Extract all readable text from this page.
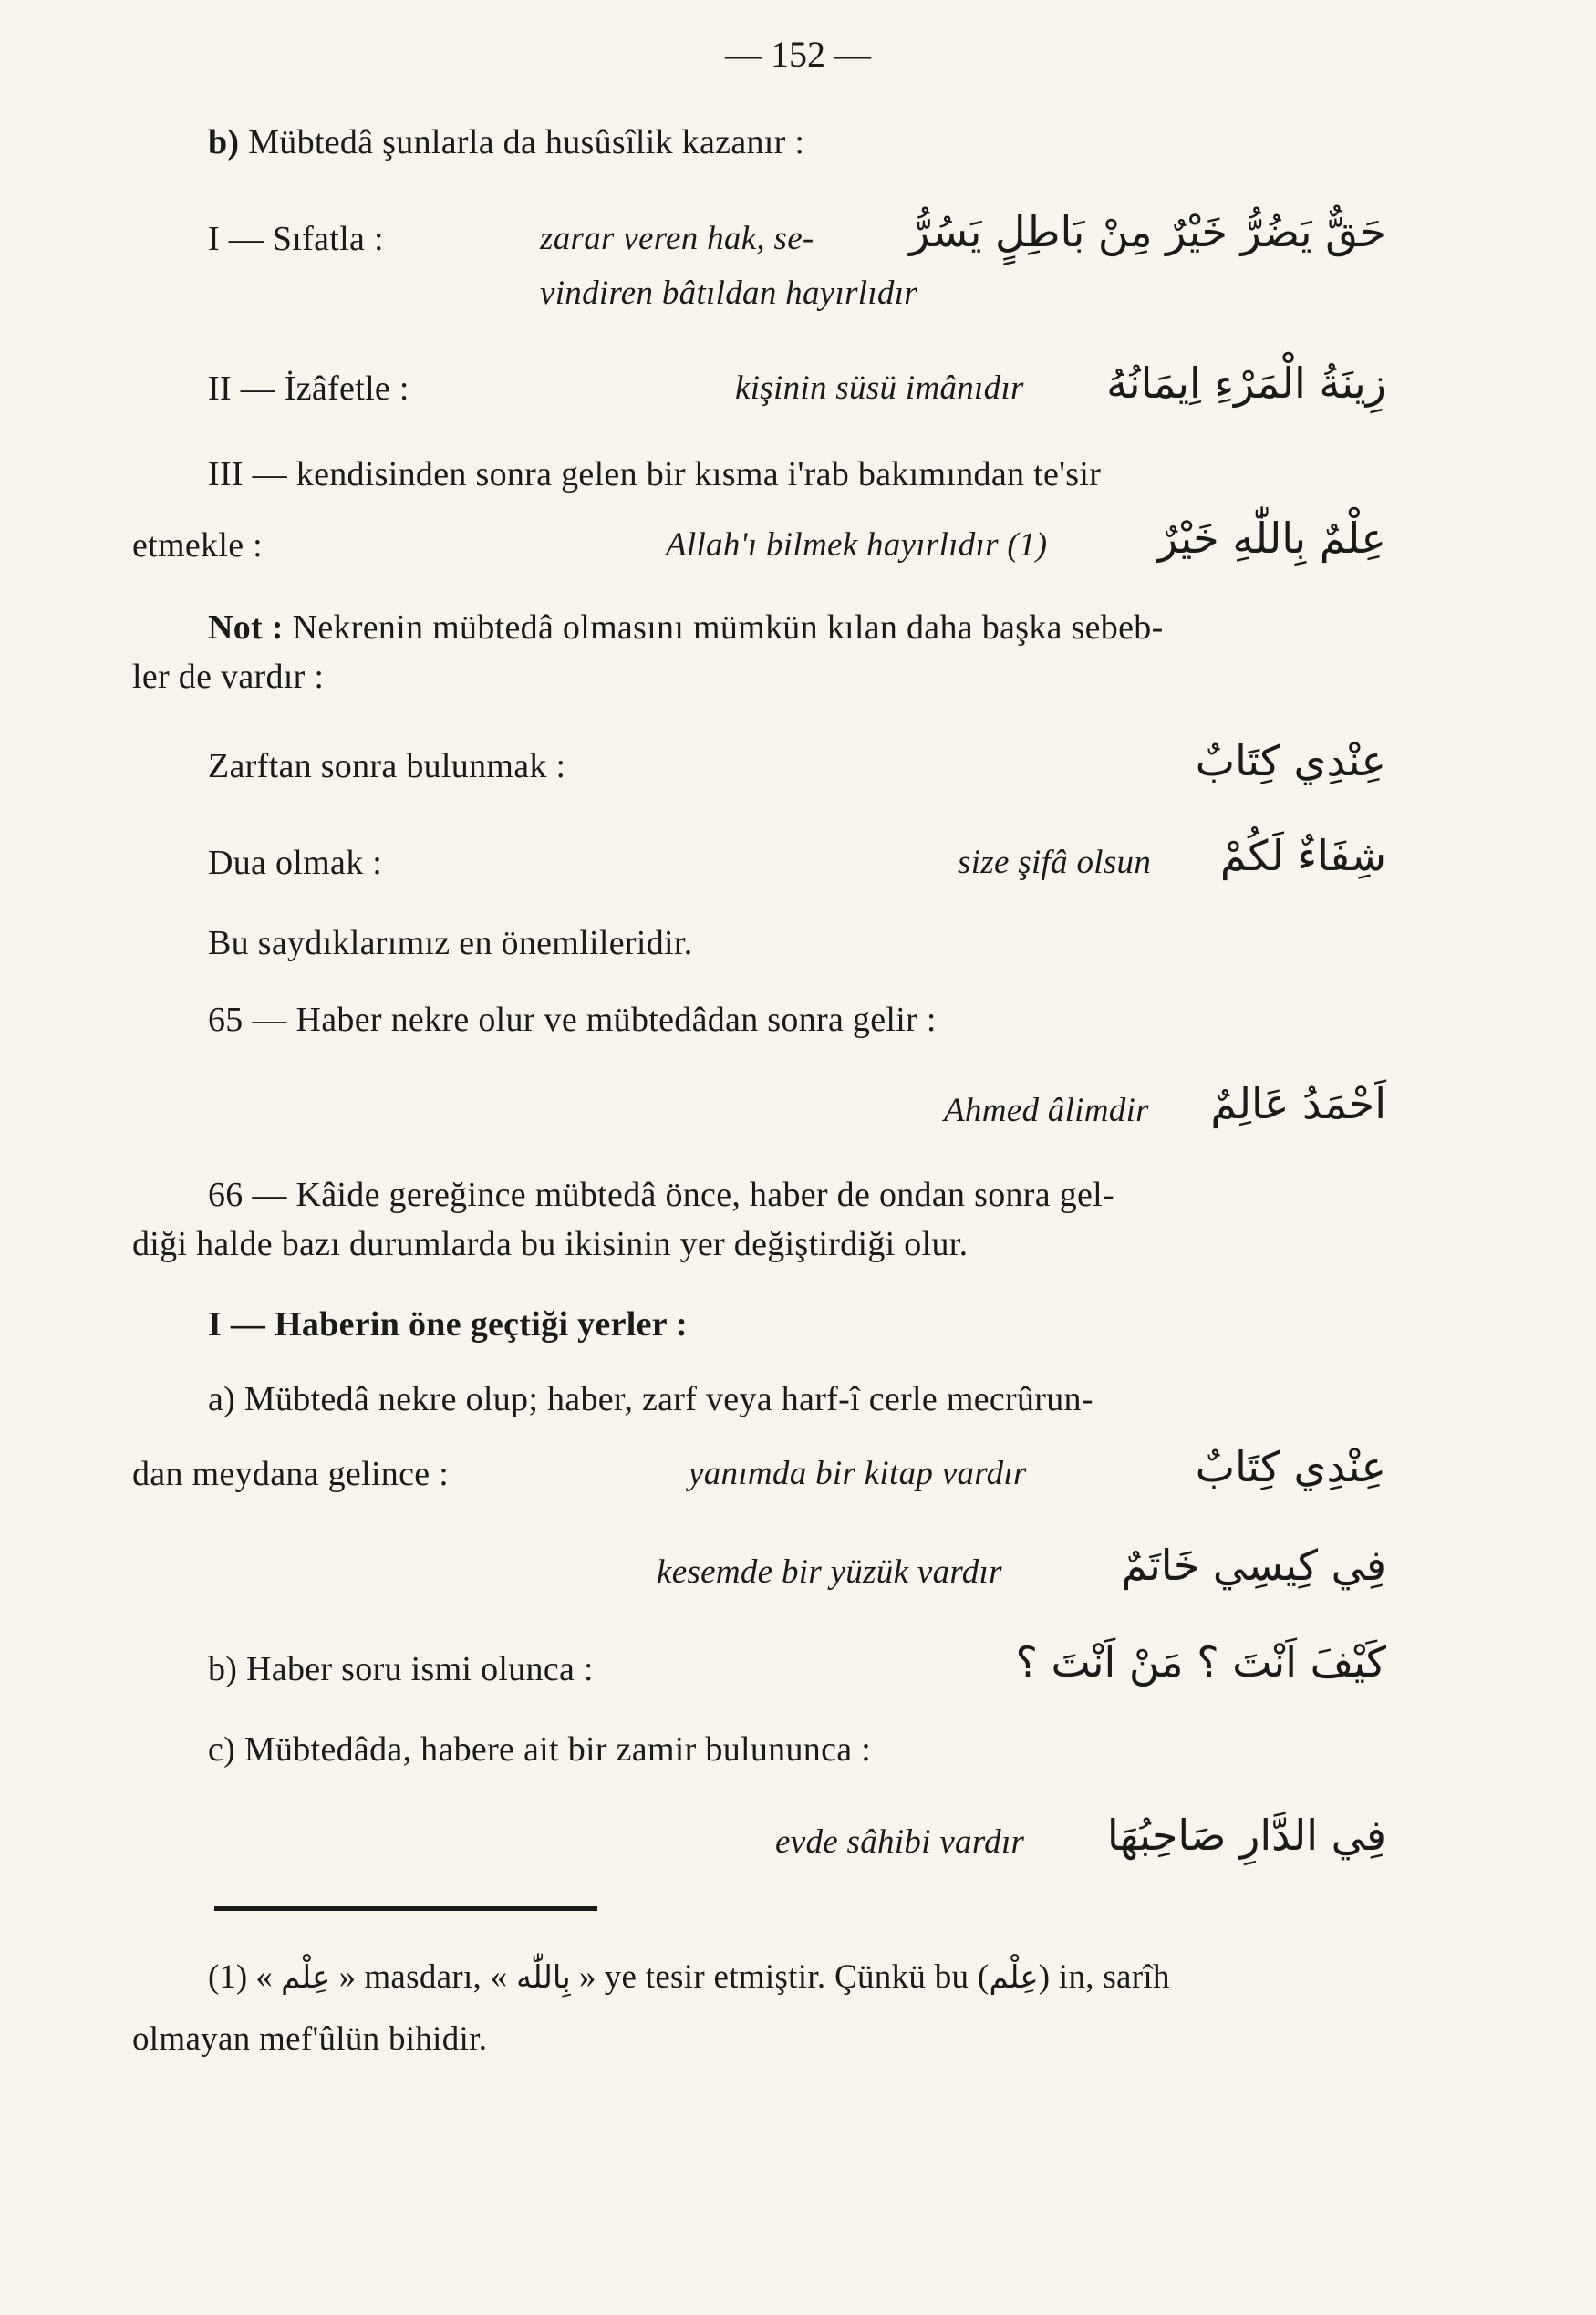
— 152 —
b) Mübtedâ şunlarla da husûsîlik kazanır :
I — Sıfatla :	zarar veren hak, se-
vindiren bâtıldan hayırlıdır
حَقٌّ يَضُرُّ خَيْرٌ مِنْ بَاطِلٍ يَسُرُّ
II — İzâfetle :	kişinin süsü imânıdır زِينَةُ الْمَرْءِ اِيمَانُهُ
III — kendisinden sonra gelen bir kısma i'rab bakımından te'sir
etmekle :	Allah'ı bilmek hayırlıdır (1)	عِلْمٌ بِاللّٰهِ خَيْرٌ
Not : Nekrenin mübtedâ olmasını mümkün kılan daha başka sebeb-
ler de vardır :
Zarftan sonra bulunmak :	عِنْدِي كِتَابٌ
Dua olmak :	size şifâ olsun شِفَاءٌ لَكُمْ
Bu saydıklarımız en önemlileridir.
65 — Haber nekre olur ve mübtedâdan sonra gelir :
Ahmed âlimdir اَحْمَدُ عَالِمٌ
66 — Kâide gereğince mübtedâ önce, haber de ondan sonra gel-
diği halde bazı durumlarda bu ikisinin yer değiştirdiği olur.
I — Haberin öne geçtiği yerler :
a) Mübtedâ nekre olup; haber, zarf veya harf-î cerle mecrûrun-
dan meydana gelince :	yanımda bir kitap vardır	عِنْدِي كِتَابٌ
kesemde bir yüzük vardır	فِي كِيسِي خَاتَمٌ
b) Haber soru ismi olunca :	كَيْفَ اَنْتَ ؟ مَنْ اَنْتَ ؟
c) Mübtedâda, habere ait bir zamir bulununca :
evde sâhibi vardır فِي الدَّارِ صَاحِبُهَا
(1) « عِلْم » masdarı, « بِاللّٰه » ye tesir etmiştir. Çünkü bu (عِلْم) in, sarîh
olmayan mef'ûlün bihidir.
